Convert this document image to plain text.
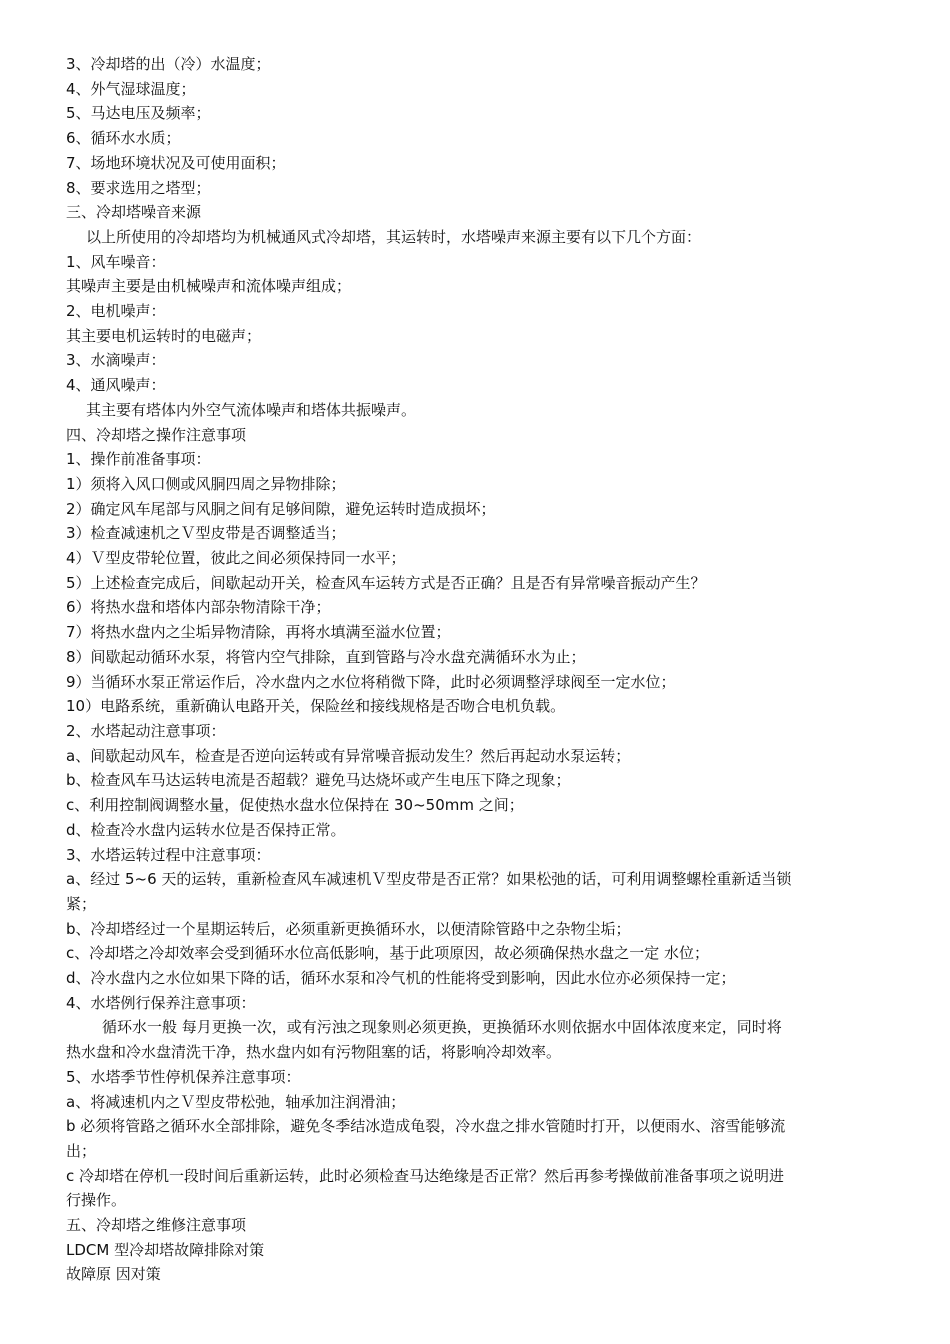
3、冷却塔的出（冷）水温度；

4、外气湿球温度；

5、马达电压及频率；

6、循环水水质；

7、场地环境状况及可使用面积；

8、要求选用之塔型；

三、冷却塔噪音来源

以上所使用的冷却塔均为机械通风式冷却塔，其运转时，水塔噪声来源主要有以下几个方面：

1、风车噪音：

其噪声主要是由机械噪声和流体噪声组成；

2、电机噪声：

其主要电机运转时的电磁声；

3、水滴噪声：

4、通风噪声：

其主要有塔体内外空气流体噪声和塔体共振噪声。

四、冷却塔之操作注意事项

1、操作前准备事项：

1）须将入风口侧或风胴四周之异物排除；

2）确定风车尾部与风胴之间有足够间隙，避免运转时造成损坏；

3）检查减速机之Ｖ型皮带是否调整适当；

4）Ｖ型皮带轮位置，彼此之间必须保持同一水平；

5）上述检查完成后，间歇起动开关，检查风车运转方式是否正确？且是否有异常噪音振动产生？

6）将热水盘和塔体内部杂物清除干净；

7）将热水盘内之尘垢异物清除，再将水填满至溢水位置；

8）间歇起动循环水泵，将管内空气排除，直到管路与冷水盘充满循环水为止；

9）当循环水泵正常运作后，冷水盘内之水位将稍微下降，此时必须调整浮球阀至一定水位；

10）电路系统，重新确认电路开关，保险丝和接线规格是否吻合电机负载。

2、水塔起动注意事项：

a、间歇起动风车，检查是否逆向运转或有异常噪音振动发生？然后再起动水泵运转；

b、检查风车马达运转电流是否超载？避免马达烧坏或产生电压下降之现象；

c、利用控制阀调整水量，促使热水盘水位保持在 30~50mm 之间；

d、检查冷水盘内运转水位是否保持正常。

3、水塔运转过程中注意事项：

a、经过 5~6 天的运转，重新检查风车减速机Ｖ型皮带是否正常？如果松弛的话，可利用调整螺栓重新适当锁

紧；

b、冷却塔经过一个星期运转后，必须重新更换循环水，以便清除管路中之杂物尘垢；

c、冷却塔之冷却效率会受到循环水位高低影响，基于此项原因，故必须确保热水盘之一定 水位；

d、冷水盘内之水位如果下降的话，循环水泵和冷气机的性能将受到影响，因此水位亦必须保持一定；

4、水塔例行保养注意事项：

循环水一般 每月更换一次，或有污浊之现象则必须更换，更换循环水则依据水中固体浓度来定，同时将

热水盘和冷水盘清洗干净，热水盘内如有污物阻塞的话，将影响冷却效率。

5、水塔季节性停机保养注意事项：

a、将减速机内之Ｖ型皮带松弛，轴承加注润滑油；

b 必须将管路之循环水全部排除，避免冬季结冰造成龟裂，冷水盘之排水管随时打开，以便雨水、溶雪能够流

出；

c 冷却塔在停机一段时间后重新运转，此时必须检查马达绝缘是否正常？然后再参考操做前准备事项之说明进

行操作。

五、冷却塔之维修注意事项

LDCM 型冷却塔故障排除对策

故障原 因对策
